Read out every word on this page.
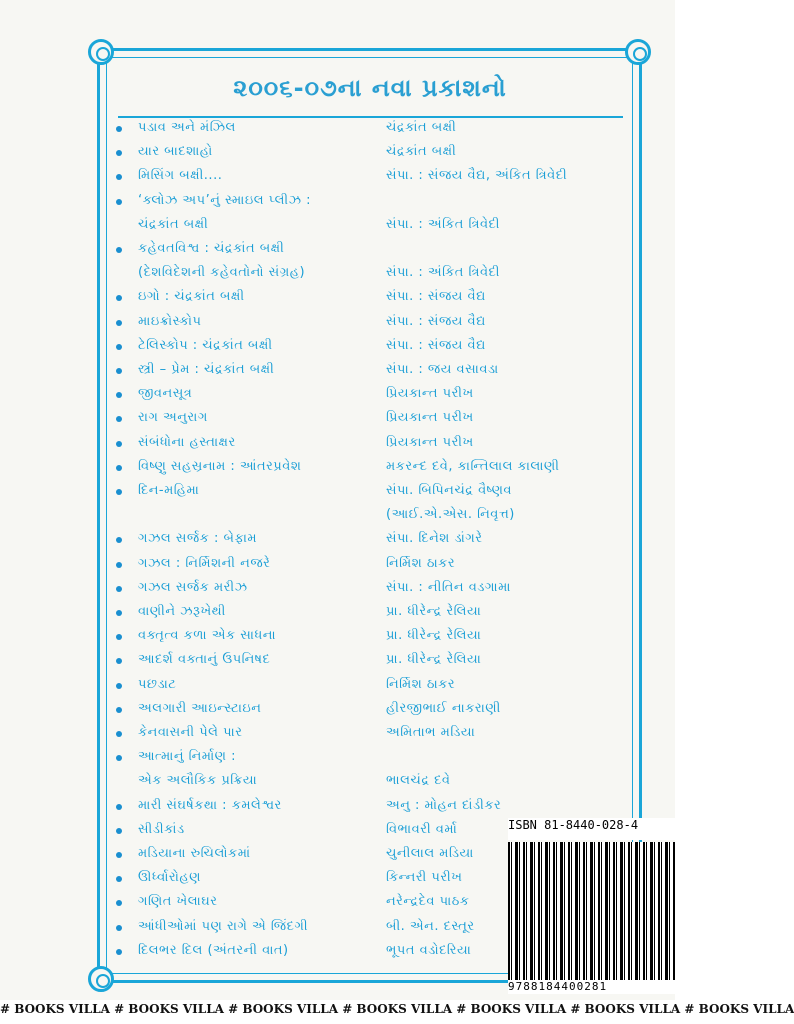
૨૦૦૬-૦૭ના નવા પ્રકાશનો
પડાવ અને મંઝિલ	ચંદ્રકાંત બક્ષી
યાર બાદશાહો	ચંદ્રકાંત બક્ષી
મિસિંગ બક્ષી....	સંપા. : સંજય વૈદ્ય, અંકિત ત્રિવેદી
‘ક્લોઝ અપ’નું સ્માઇલ પ્લીઝ :
ચંદ્રકાંત બક્ષી	સંપા. : અંકિત ત્રિવેદી
કહેવતવિશ્વ : ચંદ્રકાંત બક્ષી
(દેશવિદેશની કહેવતોનો સંગ્રહ)	સંપા. : અંકિત ત્રિવેદી
ઇગો : ચંદ્રકાંત બક્ષી	સંપા. : સંજય વૈદ્ય
માઇક્રોસ્કોપ	સંપા. : સંજય વૈદ્ય
ટેલિસ્કોપ : ચંદ્રકાંત બક્ષી	સંપા. : સંજય વૈદ્ય
સ્ત્રી – પ્રેમ : ચંદ્રકાંત બક્ષી	સંપા. : જય વસાવડા
જીવનસૂત્ર	પ્રિયકાન્ત પરીખ
રાગ અનુરાગ	પ્રિયકાન્ત પરીખ
સંબંધોના હસ્તાક્ષર	પ્રિયકાન્ત પરીખ
વિષ્ણુ સહસ્રનામ : આંતરપ્રવેશ	મકરન્દ દવે, કાન્તિલાલ કાલાણી
દિન-મહિમા	સંપા. બિપિનચંદ્ર વૈષ્ણવ
(આઈ.એ.એસ. નિવૃત્ત)
ગઝલ સર્જક : બેફામ	સંપા. દિનેશ ડાંગરે
ગઝલ : નિર્મિશની નજરે	નિર્મિશ ઠાકર
ગઝલ સર્જક મરીઝ	સંપા. : નીતિન વડગામા
વાણીને ઝરૂખેથી	પ્રા. ધીરેન્દ્ર રેલિયા
વક્તૃત્વ કળા એક સાધના	પ્રા. ધીરેન્દ્ર રેલિયા
આદર્શ વક્તાનું ઉપનિષદ	પ્રા. ધીરેન્દ્ર રેલિયા
પછડાટ	નિર્મિશ ઠાકર
અલગારી આઇન્સ્ટાઇન	હીરજીભાઈ નાકરાણી
કેનવાસની પેલે પાર	અમિતાભ મડિયા
આત્માનું નિર્માણ :
એક અલૌકિક પ્રક્રિયા	ભાલચંદ્ર દવે
મારી સંઘર્ષકથા : કમલેશ્વર	અનુ : મોહન દાંડીકર
સીડીકાંડ	વિભાવરી વર્મા
મડિયાના રુચિલોકમાં	ચુનીલાલ મડિયા
ઊર્ધ્વારોહણ	કિન્નરી પરીખ
ગણિત ખેલાઘર	નરેન્દ્રદેવ પાઠક
આંધીઓમાં પણ રાગે એ જિંદગી	બી. એન. દસ્તૂર
દિલભર દિલ (અંતરની વાત)	ભૂપત વડોદરિયા
ISBN 81-8440-028-4
9788184400281
# BOOKS VILLA # BOOKS VILLA # BOOKS VILLA # BOOKS VILLA # BOOKS VILLA # BOOKS VILLA # BOOKS VILLA
